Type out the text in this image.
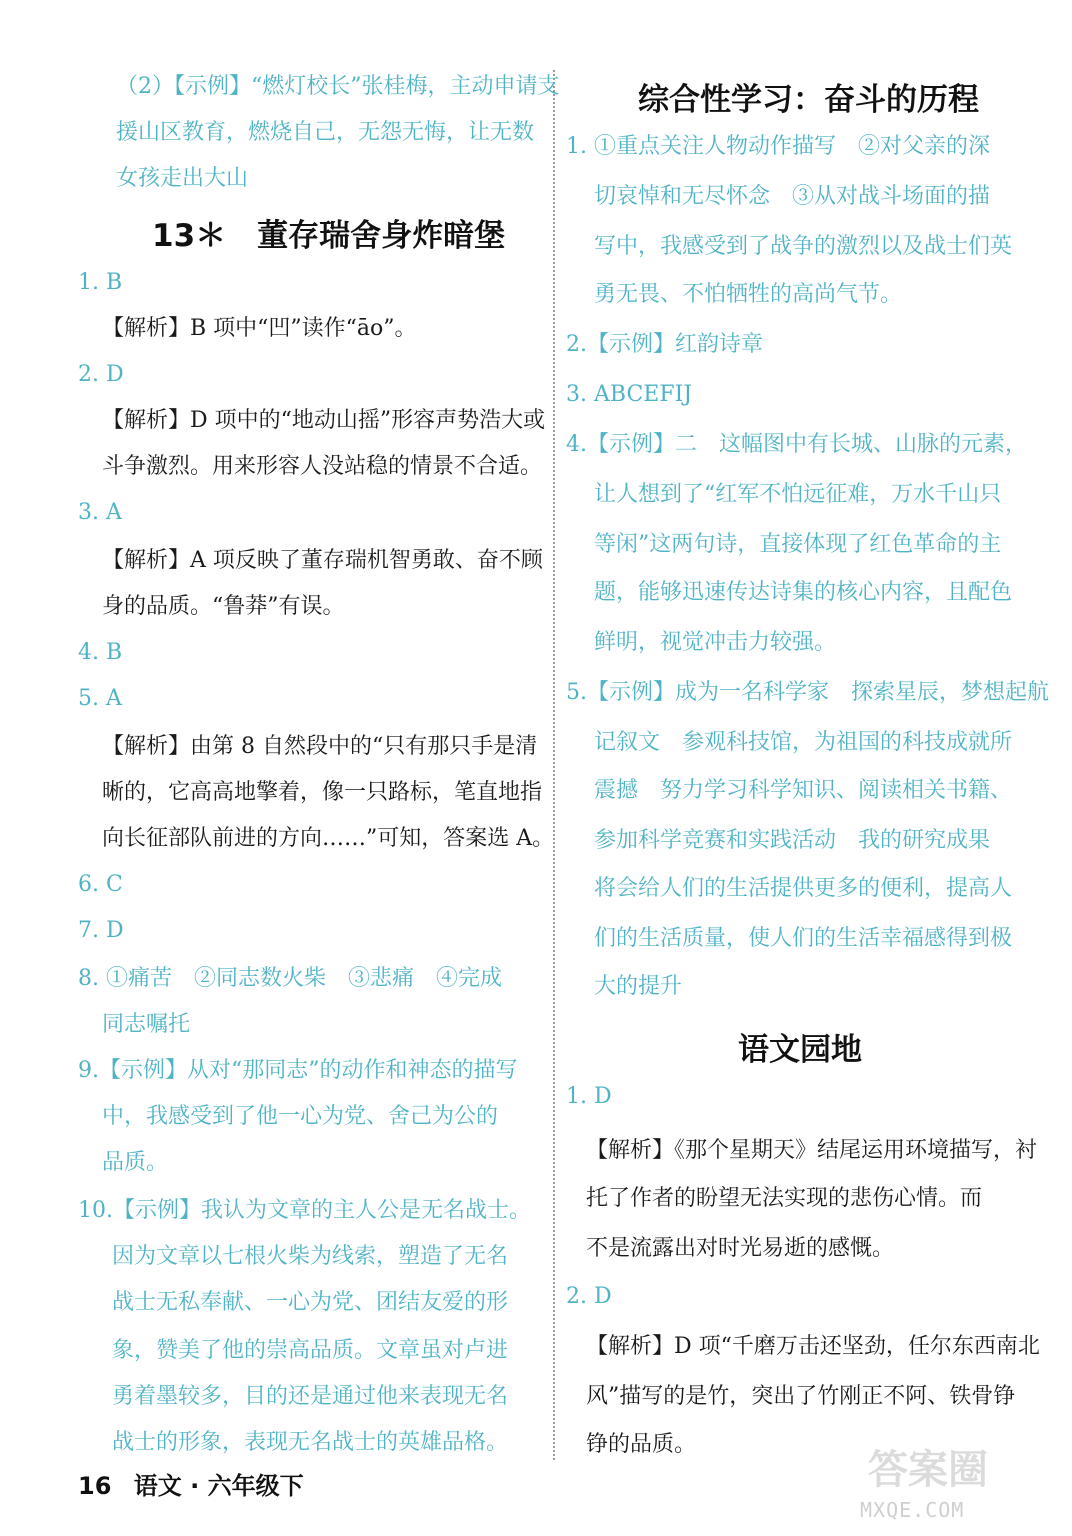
13＊　董存瑞舍身炸暗堡
（2）【示例】“燃灯校长”张桂梅，主动申请支
援山区教育，燃烧自己，无怨无悔，让无数
女孩走出大山
1. B
【解析】B 项中“凹”读作“āo”。
2. D
【解析】D 项中的“地动山摇”形容声势浩大或
斗争激烈。用来形容人没站稳的情景不合适。
3. A
【解析】A 项反映了董存瑞机智勇敢、奋不顾
身的品质。“鲁莽”有误。
4. B
5. A
【解析】由第 8 自然段中的“只有那只手是清
晰的，它高高地擎着，像一只路标，笔直地指
向长征部队前进的方向……”可知，答案选 A。
6. C
7. D
8. ①痛苦　②同志数火柴　③悲痛　④完成
同志嘱托
9.【示例】从对“那同志”的动作和神态的描写
中，我感受到了他一心为党、舍己为公的
品质。
10.【示例】我认为文章的主人公是无名战士。
因为文章以七根火柴为线索，塑造了无名
战士无私奉献、一心为党、团结友爱的形
象，赞美了他的崇高品质。文章虽对卢进
勇着墨较多，目的还是通过他来表现无名
战士的形象，表现无名战士的英雄品格。
综合性学习：奋斗的历程
语文园地
1. ①重点关注人物动作描写　②对父亲的深
切哀悼和无尽怀念　③从对战斗场面的描
写中，我感受到了战争的激烈以及战士们英
勇无畏、不怕牺牲的高尚气节。
2.【示例】红韵诗章
3. ABCEFIJ
4.【示例】二　这幅图中有长城、山脉的元素，
让人想到了“红军不怕远征难，万水千山只
等闲”这两句诗，直接体现了红色革命的主
题，能够迅速传达诗集的核心内容，且配色
鲜明，视觉冲击力较强。
5.【示例】成为一名科学家　探索星辰，梦想起航
记叙文　参观科技馆，为祖国的科技成就所
震撼　努力学习科学知识、阅读相关书籍、
参加科学竞赛和实践活动　我的研究成果
将会给人们的生活提供更多的便利，提高人
们的生活质量，使人们的生活幸福感得到极
大的提升
1. D
【解析】《那个星期天》结尾运用环境描写，衬
托了作者的盼望无法实现的悲伤心情。而
不是流露出对时光易逝的感慨。
2. D
【解析】D 项“千磨万击还坚劲，任尔东西南北
风”描写的是竹，突出了竹刚正不阿、铁骨铮
铮的品质。
16 语文 · 六年级下	答案圈
MXQE.COM
